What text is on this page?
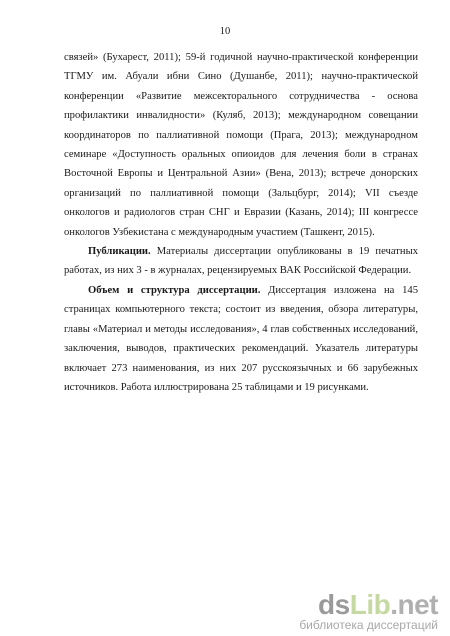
10

связей» (Бухарест, 2011); 59-й годичной научно-практической конференции ТГМУ им. Абуали ибни Сино (Душанбе, 2011); научно-практической конференции «Развитие межсекторального сотрудничества - основа профилактики инвалидности» (Куляб, 2013); международном совещании координаторов по паллиативной помощи (Прага, 2013); международном семинаре «Доступность оральных опиоидов для лечения боли в странах Восточной Европы и Центральной Азии» (Вена, 2013); встрече донорских организаций по паллиативной помощи (Зальцбург, 2014); VII съезде онкологов и радиологов стран СНГ и Евразии (Казань, 2014); III конгрессе онкологов Узбекистана с международным участием (Ташкент, 2015).

Публикации. Материалы диссертации опубликованы в 19 печатных работах, из них 3 - в журналах, рецензируемых ВАК Российской Федерации.

Объем и структура диссертации. Диссертация изложена на 145 страницах компьютерного текста; состоит из введения, обзора литературы, главы «Материал и методы исследования», 4 глав собственных исследований, заключения, выводов, практических рекомендаций. Указатель литературы включает 273 наименования, из них 207 русскоязычных и 66 зарубежных источников. Работа иллюстрирована 25 таблицами и 19 рисунками.

dsLib.net
библиотека диссертаций
